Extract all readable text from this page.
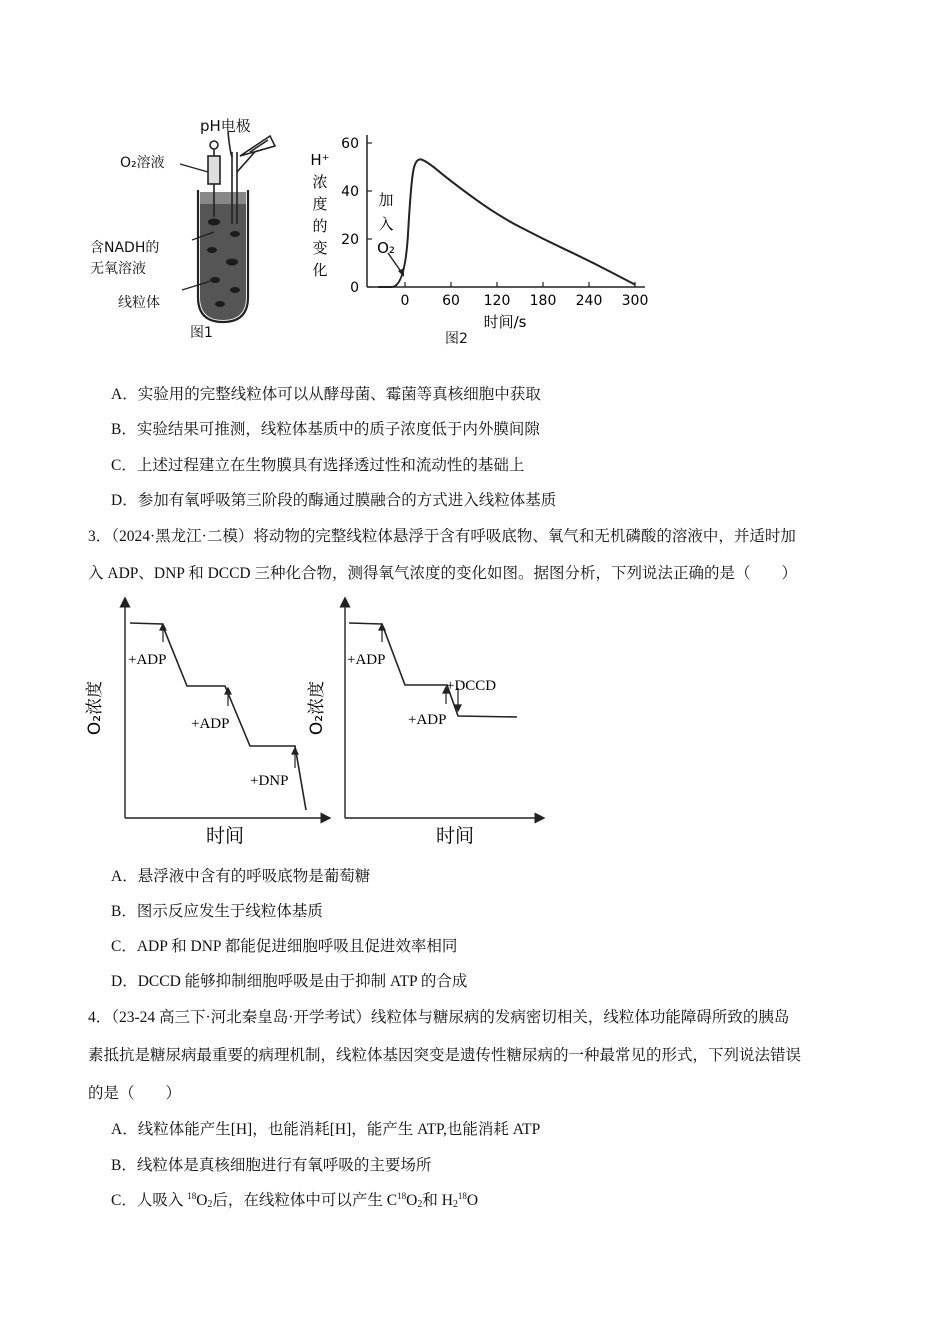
pH电极
O₂溶液
含NADH的
无氧溶液
线粒体
图1
0
20
40
60
0 60 120 180 240 300
H⁺
浓
度
的
变
化
加
入
O₂
时间/s
图2
A．实验用的完整线粒体可以从酵母菌、霉菌等真核细胞中获取
B．实验结果可推测，线粒体基质中的质子浓度低于内外膜间隙
C．上述过程建立在生物膜具有选择透过性和流动性的基础上
D．参加有氧呼吸第三阶段的酶通过膜融合的方式进入线粒体基质
3．（2024·黑龙江·二模）将动物的完整线粒体悬浮于含有呼吸底物、氧气和无机磷酸的溶液中，并适时加
入 ADP、DNP 和 DCCD 三种化合物，测得氧气浓度的变化如图。据图分析，下列说法正确的是（　　）
O₂浓度
+ADP
+ADP
+DNP
时间
O₂浓度
+ADP
+DCCD
+ADP
时间
A．悬浮液中含有的呼吸底物是葡萄糖
B．图示反应发生于线粒体基质
C．ADP 和 DNP 都能促进细胞呼吸且促进效率相同
D．DCCD 能够抑制细胞呼吸是由于抑制 ATP 的合成
4．（23-24 高三下·河北秦皇岛·开学考试）线粒体与糖尿病的发病密切相关，线粒体功能障碍所致的胰岛
素抵抗是糖尿病最重要的病理机制，线粒体基因突变是遗传性糖尿病的一种最常见的形式，下列说法错误
的是（　　）
A．线粒体能产生[H]，也能消耗[H]，能产生 ATP,也能消耗 ATP
B．线粒体是真核细胞进行有氧呼吸的主要场所
C．人吸入 $^{18}O_2$后，在线粒体中可以产生 $C^{18}O_2$和 $H_2^{18}O$
